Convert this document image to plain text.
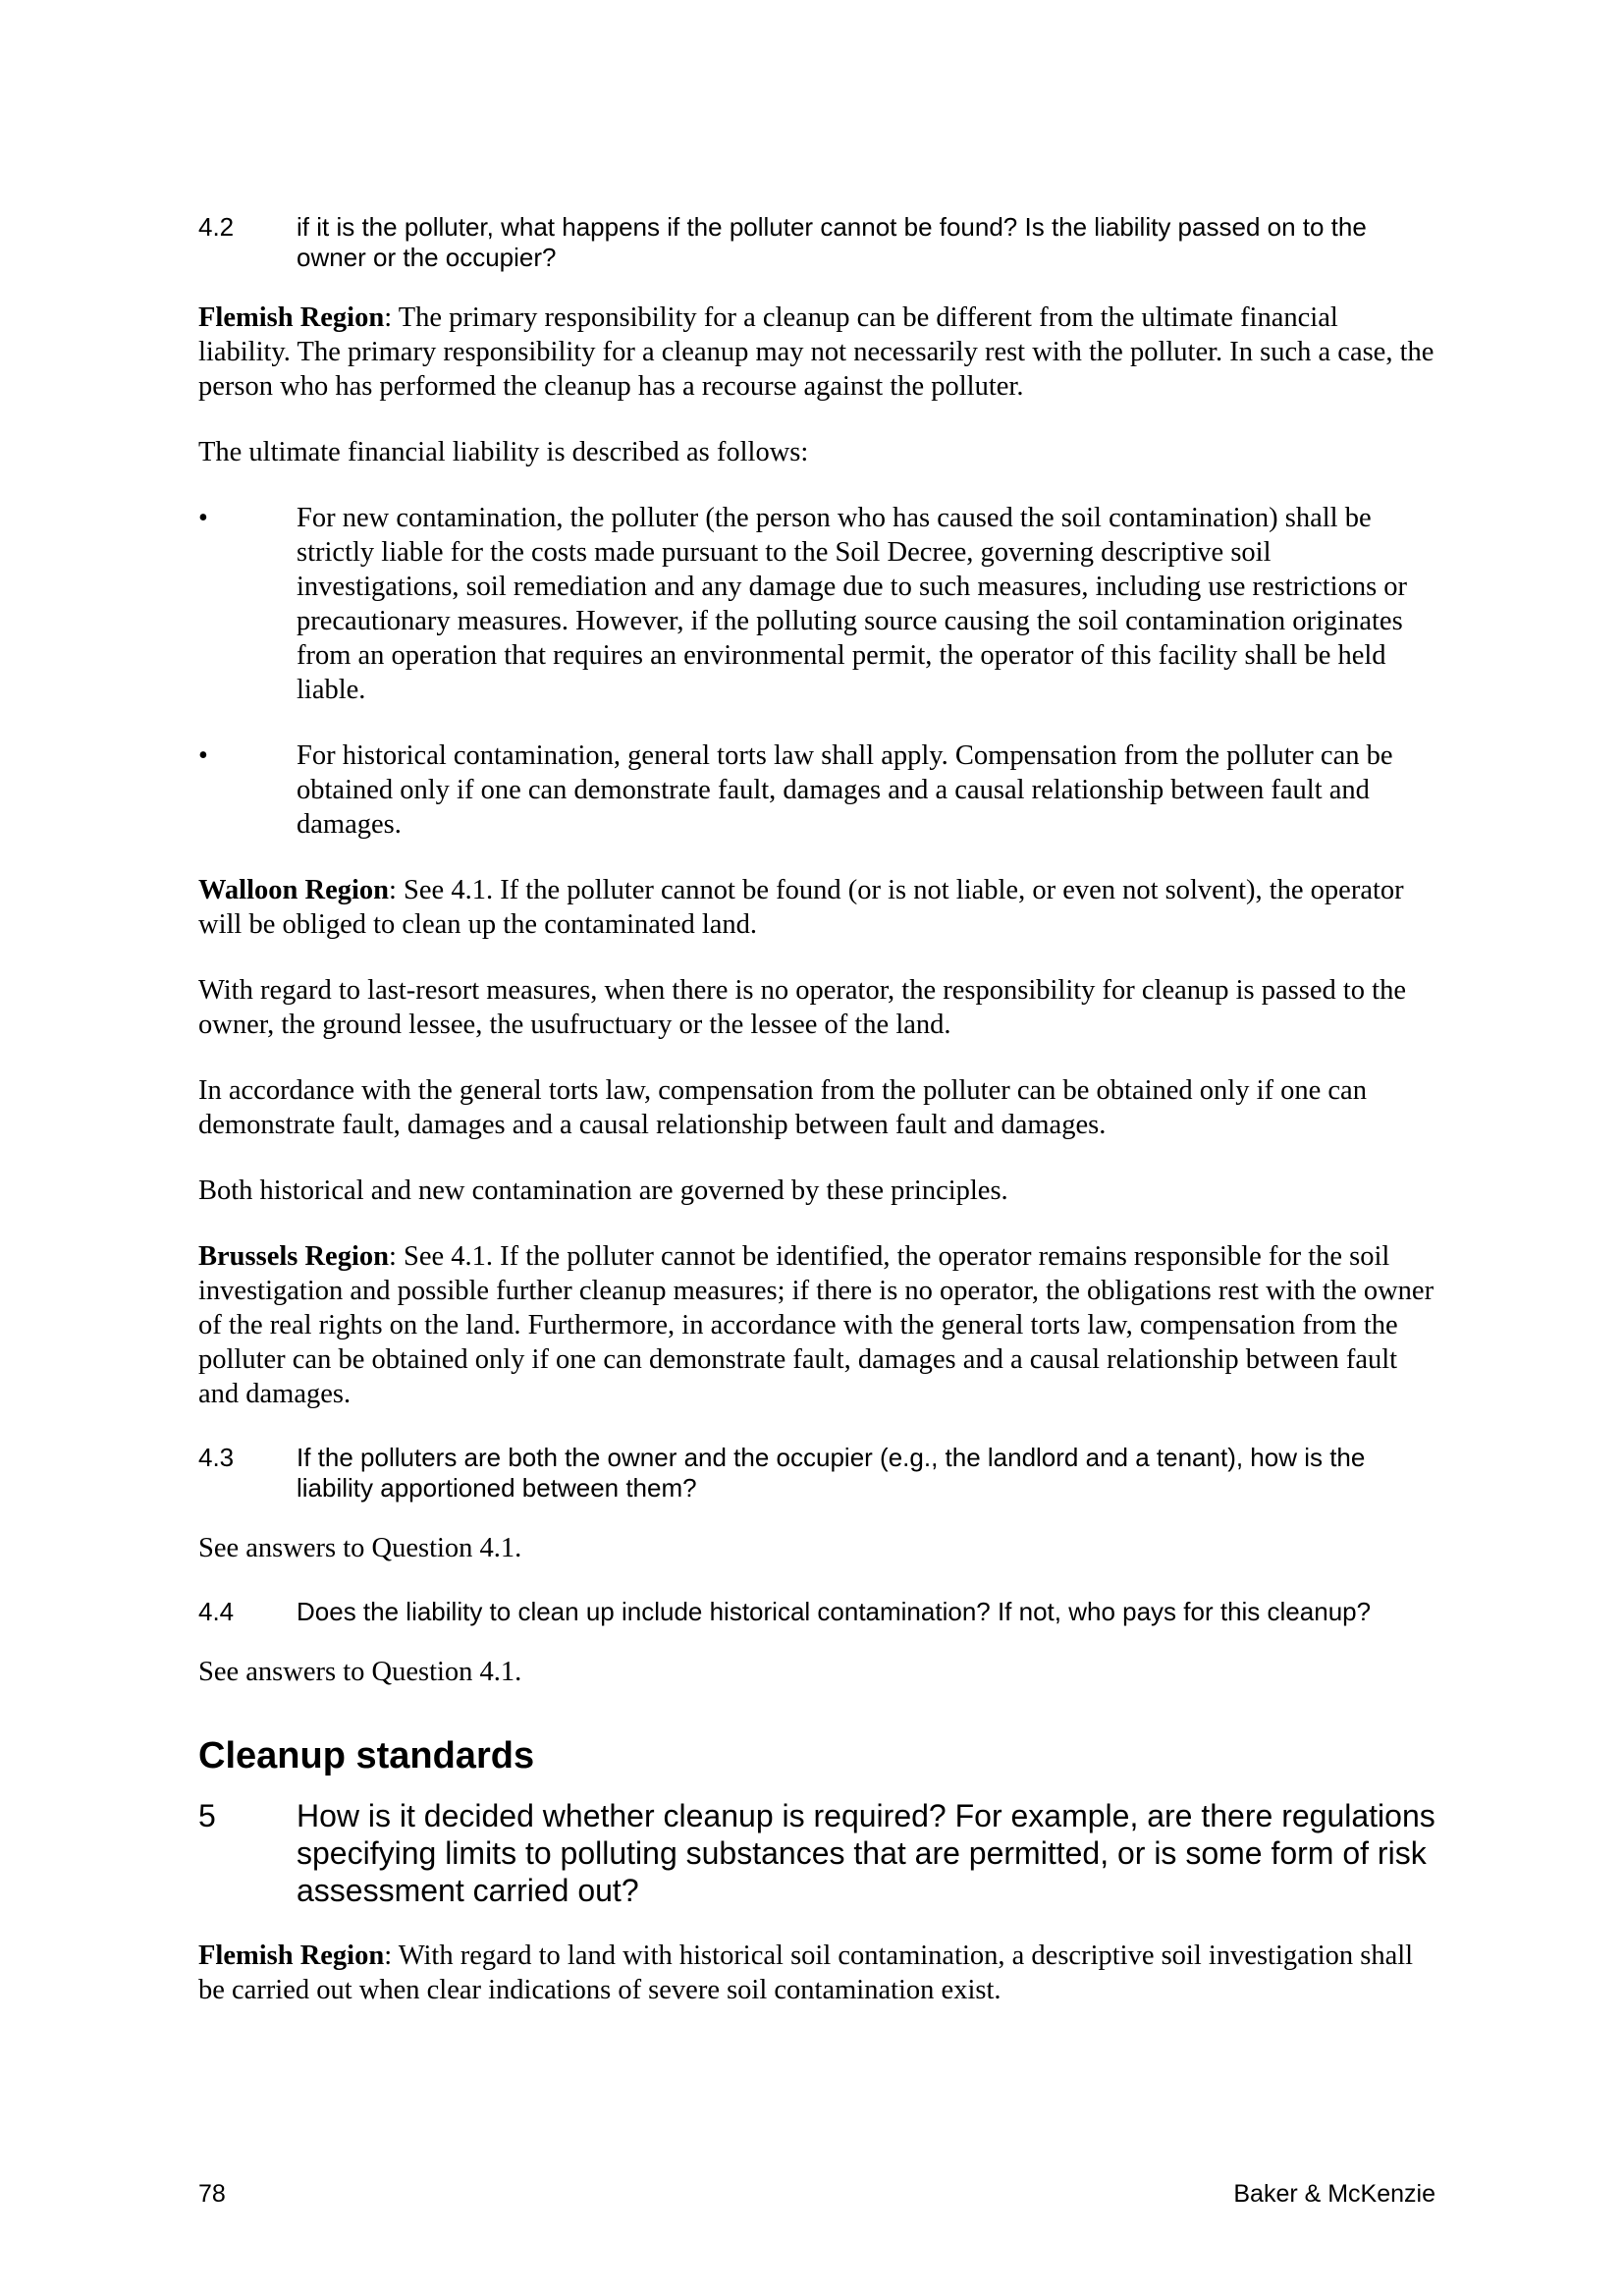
4.2	if it is the polluter, what happens if the polluter cannot be found? Is the liability passed on to the owner or the occupier?

Flemish Region: The primary responsibility for a cleanup can be different from the ultimate financial liability. The primary responsibility for a cleanup may not necessarily rest with the polluter. In such a case, the person who has performed the cleanup has a recourse against the polluter.

The ultimate financial liability is described as follows:

•	For new contamination, the polluter (the person who has caused the soil contamination) shall be strictly liable for the costs made pursuant to the Soil Decree, governing descriptive soil investigations, soil remediation and any damage due to such measures, including use restrictions or precautionary measures. However, if the polluting source causing the soil contamination originates from an operation that requires an environmental permit, the operator of this facility shall be held liable.
•	For historical contamination, general torts law shall apply. Compensation from the polluter can be obtained only if one can demonstrate fault, damages and a causal relationship between fault and damages.

Walloon Region: See 4.1. If the polluter cannot be found (or is not liable, or even not solvent), the operator will be obliged to clean up the contaminated land.

With regard to last-resort measures, when there is no operator, the responsibility for cleanup is passed to the owner, the ground lessee, the usufructuary or the lessee of the land.

In accordance with the general torts law, compensation from the polluter can be obtained only if one can demonstrate fault, damages and a causal relationship between fault and damages.

Both historical and new contamination are governed by these principles.

Brussels Region: See 4.1. If the polluter cannot be identified, the operator remains responsible for the soil investigation and possible further cleanup measures; if there is no operator, the obligations rest with the owner of the real rights on the land. Furthermore, in accordance with the general torts law, compensation from the polluter can be obtained only if one can demonstrate fault, damages and a causal relationship between fault and damages.

4.3	If the polluters are both the owner and the occupier (e.g., the landlord and a tenant), how is the liability apportioned between them?

See answers to Question 4.1.

4.4	Does the liability to clean up include historical contamination? If not, who pays for this cleanup?

See answers to Question 4.1.

Cleanup standards
5	How is it decided whether cleanup is required? For example, are there regulations specifying limits to polluting substances that are permitted, or is some form of risk assessment carried out?

Flemish Region: With regard to land with historical soil contamination, a descriptive soil investigation shall be carried out when clear indications of severe soil contamination exist.

78	Baker & McKenzie
